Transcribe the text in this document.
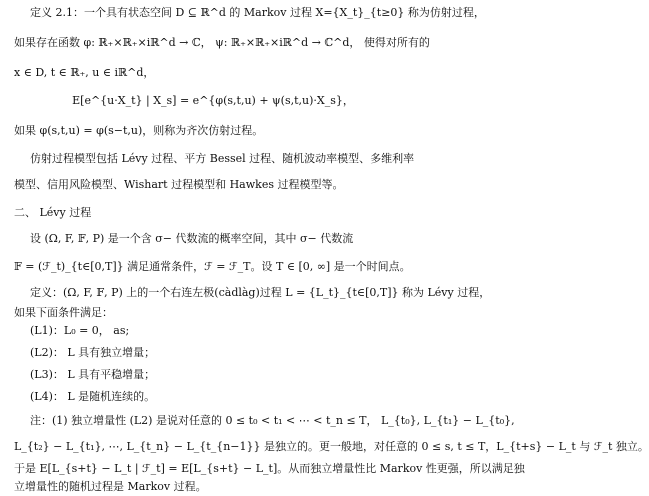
定义 2.1：一个具有状态空间 D ⊆ ℝ^d 的 Markov 过程 X={X_t}_{t≥0} 称为仿射过程，
如果存在函数 φ: ℝ₊×ℝ₊×iℝ^d → ℂ， ψ: ℝ₊×ℝ₊×iℝ^d → ℂ^d， 使得对所有的
x ∈ D, t ∈ ℝ₊, u ∈ iℝ^d，
E[e^{u·X_t} | X_s] = e^{φ(s,t,u) + ψ(s,t,u)·X_s}，
如果 φ(s,t,u) = φ(s−t,u)，则称为齐次仿射过程。
仿射过程模型包括 Lévy 过程、平方 Bessel 过程、随机波动率模型、多维利率
模型、信用风险模型、Wishart 过程模型和 Hawkes 过程模型等。
二、 Lévy 过程
设 (Ω, F, 𝔽, P) 是一个含 σ− 代数流的概率空间，其中 σ− 代数流
𝔽 = (ℱ_t)_{t∈[0,T]} 满足通常条件，ℱ = ℱ_T。设 T ∈ [0, ∞] 是一个时间点。
定义：(Ω, F, 𝔽, P) 上的一个右连左极(càdlàg)过程 L = {L_t}_{t∈[0,T]} 称为 Lévy 过程，
如果下面条件满足：
(L1)：L₀ = 0， as;
(L2)： L 具有独立增量；
(L3)： L 具有平稳增量；
(L4)： L 是随机连续的。
注：(1) 独立增量性 (L2) 是说对任意的 0 ≤ t₀ < t₁ < ⋯ < t_n ≤ T， L_{t₀}, L_{t₁} − L_{t₀},
L_{t₂} − L_{t₁}, ⋯, L_{t_n} − L_{t_{n−1}} 是独立的。更一般地，对任意的 0 ≤ s, t ≤ T，L_{t+s} − L_t 与 ℱ_t 独立。
于是 E[L_{s+t} − L_t | ℱ_t] = E[L_{s+t} − L_t]。从而独立增量性比 Markov 性更强，所以满足独
立增量性的随机过程是 Markov 过程。
